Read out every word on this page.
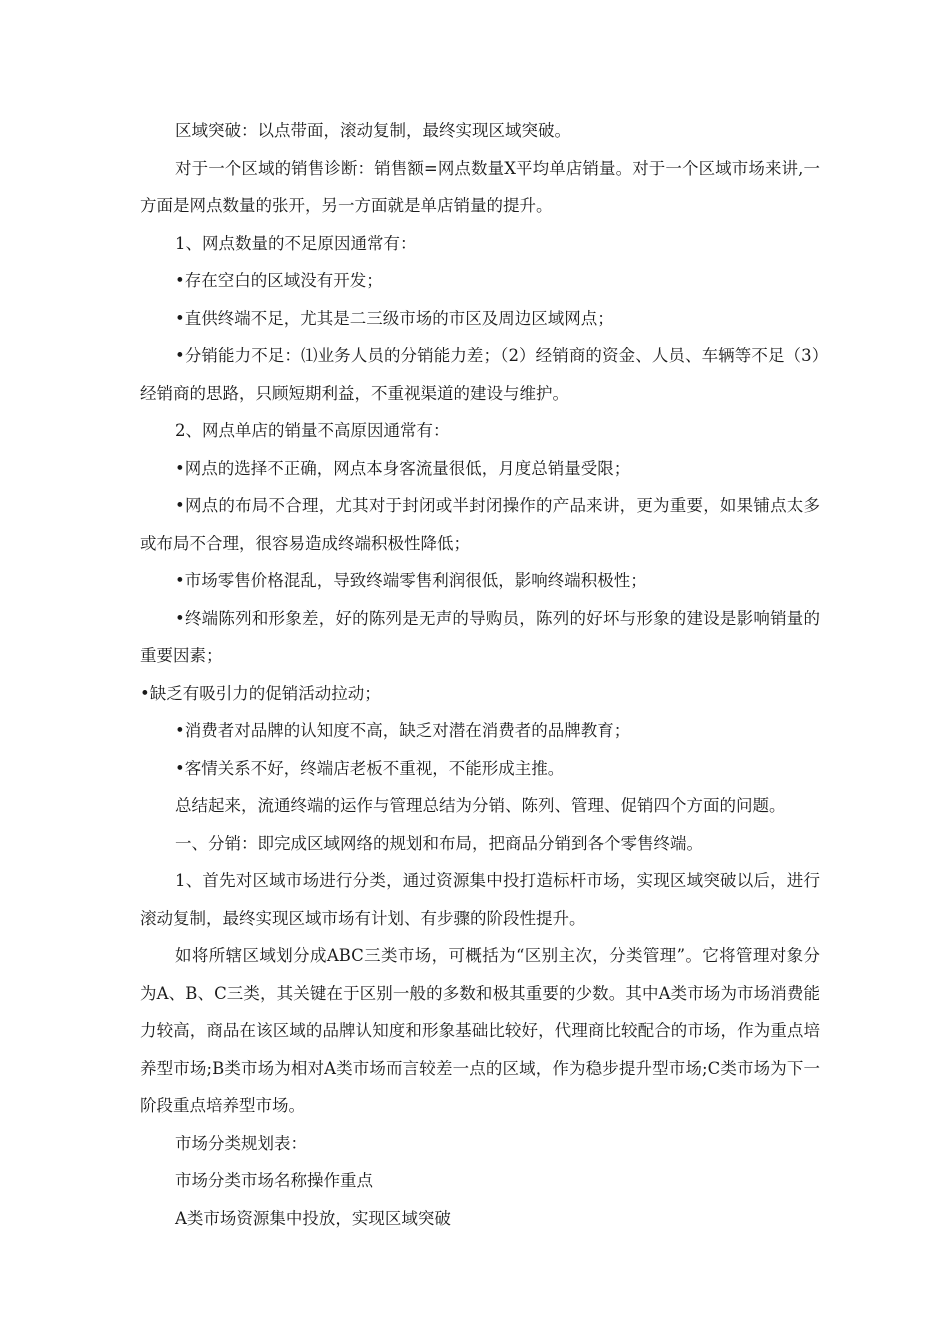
区域突破：以点带面，滚动复制，最终实现区域突破。

对于一个区域的销售诊断：销售额=网点数量X平均单店销量。对于一个区域市场来讲,一方面是网点数量的张开，另一方面就是单店销量的提升。

1、网点数量的不足原因通常有：

•存在空白的区域没有开发；

•直供终端不足，尤其是二三级市场的市区及周边区域网点；

•分销能力不足：⑴业务人员的分销能力差；（2）经销商的资金、人员、车辆等不足（3）经销商的思路，只顾短期利益，不重视渠道的建设与维护。

2、网点单店的销量不高原因通常有：

•网点的选择不正确，网点本身客流量很低，月度总销量受限；

•网点的布局不合理，尤其对于封闭或半封闭操作的产品来讲，更为重要，如果铺点太多或布局不合理，很容易造成终端积极性降低；

•市场零售价格混乱，导致终端零售利润很低，影响终端积极性；

•终端陈列和形象差，好的陈列是无声的导购员，陈列的好坏与形象的建设是影响销量的重要因素；

•缺乏有吸引力的促销活动拉动；

•消费者对品牌的认知度不高，缺乏对潜在消费者的品牌教育；

•客情关系不好，终端店老板不重视，不能形成主推。

总结起来，流通终端的运作与管理总结为分销、陈列、管理、促销四个方面的问题。

一、分销：即完成区域网络的规划和布局，把商品分销到各个零售终端。

1、首先对区域市场进行分类，通过资源集中投打造标杆市场，实现区域突破以后，进行滚动复制，最终实现区域市场有计划、有步骤的阶段性提升。

如将所辖区域划分成ABC三类市场，可概括为“区别主次，分类管理”。它将管理对象分为A、B、C三类，其关键在于区别一般的多数和极其重要的少数。其中A类市场为市场消费能力较高，商品在该区域的品牌认知度和形象基础比较好，代理商比较配合的市场，作为重点培养型市场;B类市场为相对A类市场而言较差一点的区域，作为稳步提升型市场;C类市场为下一阶段重点培养型市场。

市场分类规划表：

市场分类市场名称操作重点

A类市场资源集中投放，实现区域突破
